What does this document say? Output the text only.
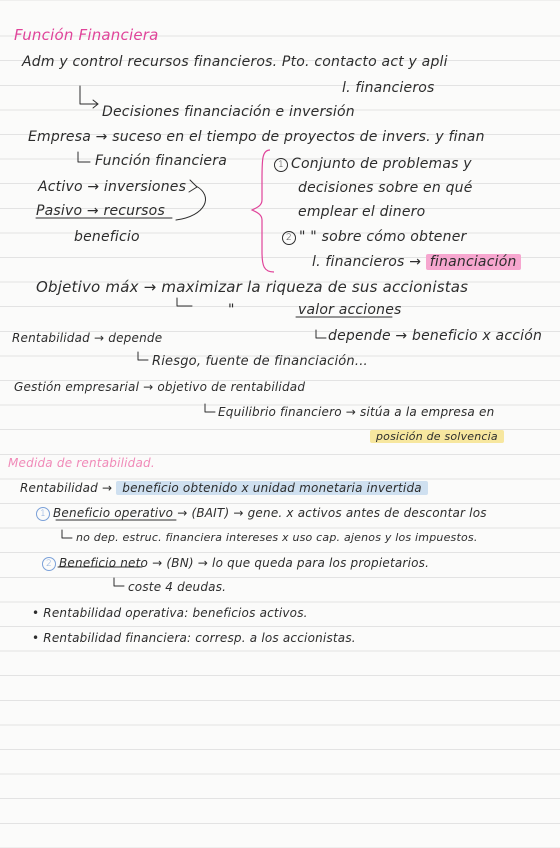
Función Financiera
Adm y control recursos financieros. Pto. contacto act y apli
l. financieros
Decisiones financiación e inversión
Empresa → suceso en el tiempo de proyectos de invers. y finan
Función financiera	1 Conjunto de problemas y
decisiones sobre en qué
emplear el dinero
2 " " sobre cómo obtener
l. financieros → financiación
Activo → inversiones
Pasivo → recursos
beneficio
Objetivo máx → maximizar la riqueza de sus accionistas
"	valor acciones
Rentabilidad → depende	depende → beneficio x acción
Riesgo, fuente de financiación...
Gestión empresarial → objetivo de rentabilidad
Equilibrio financiero → sitúa a la empresa en
posición de solvencia
Medida de rentabilidad.
Rentabilidad → beneficio obtenido x unidad monetaria invertida
1 Beneficio operativo → (BAIT) → gene. x activos antes de descontar los
no dep. estruc. financiera intereses x uso cap. ajenos y los impuestos.
2 Beneficio neto → (BN) → lo que queda para los propietarios.
coste 4 deudas.
• Rentabilidad operativa: beneficios activos.
• Rentabilidad financiera: corresp. a los accionistas.
